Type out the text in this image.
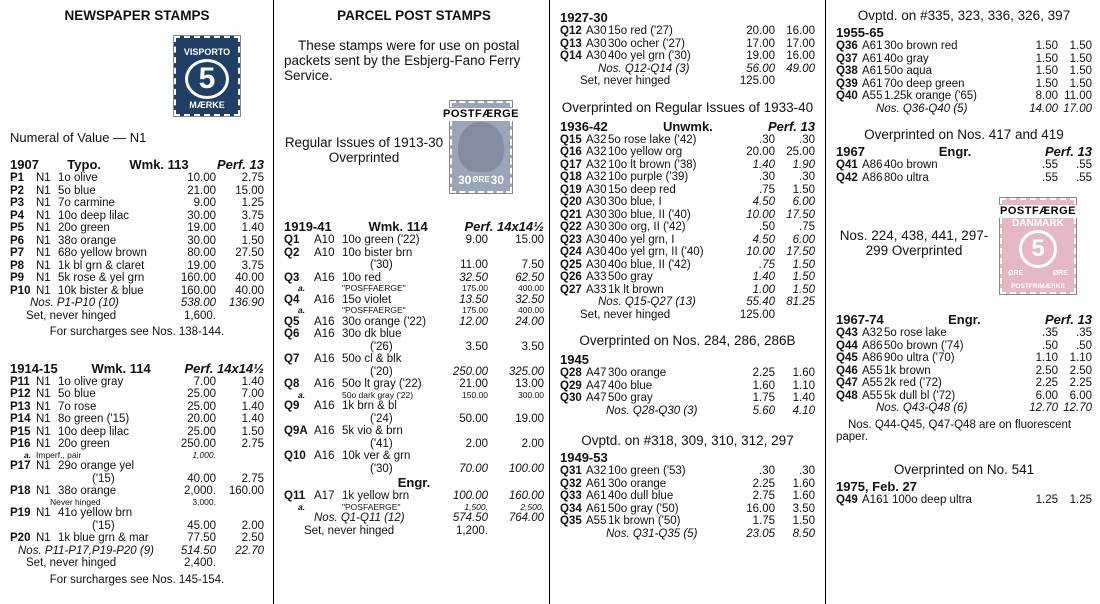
NEWSPAPER STAMPS
VISPORTO
5
MÆRKE
Numeral of Value — N1
1907 Typo. Wmk. 113 Perf. 13
P1	N1 1o olive	10.00	2.75
P2	N1 5o blue	21.00	15.00
P3	N1 7o carmine	9.00	1.25
P4	N1 10o deep lilac	30.00	3.75
P5	N1 20o green	19.00	1.40
P6	N1 38o orange	30.00	1.50
P7	N1 68o yellow brown	80.00	27.50
P8	N1 1k bl grn & claret	19.00	3.75
P9	N1 5k rose & yel grn	160.00	40.00
P10 N1 10k bister & blue	160.00	40.00
Nos. P1-P10 (10)	538.00	136.90
Set, never hinged	1,600.
For surcharges see Nos. 138-144.
1914-15	Wmk. 114	Perf. 14x14½
P11 N1 1o olive gray	7.00	1.40
P12 N1 5o blue	25.00	7.00
P13 N1 7o rose	25.00	1.40
P14 N1 8o green ('15)	20.00	1.40
P15 N1 10o deep lilac	25.00	1.50
P16 N1 20o green	250.00	2.75
a. Imperf., pair	1,000.
P17 N1 29o orange yel
('15)	40.00	2.75
P18 N1 38o orange	2,000.	160.00
Never hinged	3,000.
P19 N1 41o yellow brn
('15)	45.00	2.00
P20 N1 1k blue grn & mar	77.50	2.50
Nos. P11-P17,P19-P20 (9)	514.50	22.70
Set, never hinged	2,400.
For surcharges see Nos. 145-154.
PARCEL POST STAMPS
These stamps were for use on postal packets sent by the Esbjerg-Fano Ferry Service.
POSTFÆRGE
30 ØRE 30
Regular Issues of 1913-30 Overprinted
1919-41	Wmk. 114	Perf. 14x14½
Q1	A10 10o green ('22)	9.00	15.00
Q2	A10 10o bister brn
('30)	11.00	7.50
Q3	A16 10o red	32.50	62.50
a.	"POSFFAERGE"	175.00	400.00
Q4	A16 15o violet	13.50	32.50
a.	"POSFFAERGE"	175.00	400.00
Q5	A16 30o orange ('22)	12.00	24.00
Q6	A16 30o dk blue
('26)	3.50	3.50
Q7	A16 50o cl & blk
('20)	250.00	325.00
Q8	A16 50o lt gray ('22)	21.00	13.00
a.	50o dark gray ('22)	150.00	300.00
Q9	A16 1k brn & bl
('24)	50.00	19.00
Q9A A16 5k vio & brn
('41)	2.00	2.00
Q10 A16 10k ver & grn
('30)	70.00	100.00
Engr.
Q11 A17 1k yellow brn	100.00	160.00
a.	"POSFAERGE"	1,500.	2,500.
Nos. Q1-Q11 (12)	574.50	764.00
Set, never hinged	1,200.
1927-30
Q12 A30 15o red ('27)	20.00 16.00
Q13 A30 30o ocher ('27)	17.00 17.00
Q14 A30 40o yel grn ('30)	19.00 16.00
Nos. Q12-Q14 (3)	56.00 49.00
Set, never hinged	125.00
Overprinted on Regular Issues of 1933-40
1936-42	Unwmk.	Perf. 13
Q15 A32 5o rose lake ('42)	.30	.30
Q16 A32 10o yellow org	20.00 25.00
Q17 A32 10o lt brown ('38)	1.40	1.90
Q18 A32 10o purple ('39)	.30	.30
Q19 A30 15o deep red	.75	1.50
Q20 A30 30o blue, I	4.50	6.00
Q21 A30 30o blue, II ('40)	10.00 17.50
Q22 A30 30o org, II ('42)	.50	.75
Q23 A30 40o yel grn, I	4.50	6.00
Q24 A30 40o yel grn, II ('40)	10.00 17.50
Q25 A30 40o blue, II ('42)	.75	1.50
Q26 A33 50o gray	1.40	1.50
Q27 A33 1k lt brown	1.00	1.50
Nos. Q15-Q27 (13)	55.40 81.25
Set, never hinged	125.00
Overprinted on Nos. 284, 286, 286B
1945
Q28 A47 30o orange	2.25	1.60
Q29 A47 40o blue	1.60	1.10
Q30 A47 50o gray	1.75	1.40
Nos. Q28-Q30 (3)	5.60	4.10
Ovptd. on #318, 309, 310, 312, 297
1949-53
Q31 A32 10o green ('53)	.30	.30
Q32 A61 30o orange	2.25	1.60
Q33 A61 40o dull blue	2.75	1.60
Q34 A61 50o gray ('50)	16.00	3.50
Q35 A55 1k brown ('50)	1.75	1.50
Nos. Q31-Q35 (5)	23.05	8.50
Ovptd. on #335, 323, 336, 326, 397
1955-65
Q36 A61 30o brown red	1.50	1.50
Q37 A61 40o gray	1.50	1.50
Q38 A61 50o aqua	1.50	1.50
Q39 A61 70o deep green	1.50	1.50
Q40 A55 1.25k orange ('65)	8.00 11.00
Nos. Q36-Q40 (5)	14.00 17.00
Overprinted on Nos. 417 and 419
1967	Engr.	Perf. 13
Q41 A86 40o brown	.55	.55
Q42 A86 80o ultra	.55	.55
POSTFÆRGE
DANMARK
5
ØRE	ØRE
POSTFRIMÆRKE
Nos. 224, 438, 441, 297-299 Overprinted
1967-74	Engr.	Perf. 13
Q43 A32 5o rose lake	.35	.35
Q44 A86 50o brown ('74)	.50	.50
Q45 A86 90o ultra ('70)	1.10	1.10
Q46 A55 1k brown	2.50	2.50
Q47 A55 2k red ('72)	2.25	2.25
Q48 A55 5k dull bl ('72)	6.00	6.00
Nos. Q43-Q48 (6)	12.70 12.70
Nos. Q44-Q45, Q47-Q48 are on fluorescent paper.
Overprinted on No. 541
1975, Feb. 27
Q49 A161 100o deep ultra	1.25	1.25
